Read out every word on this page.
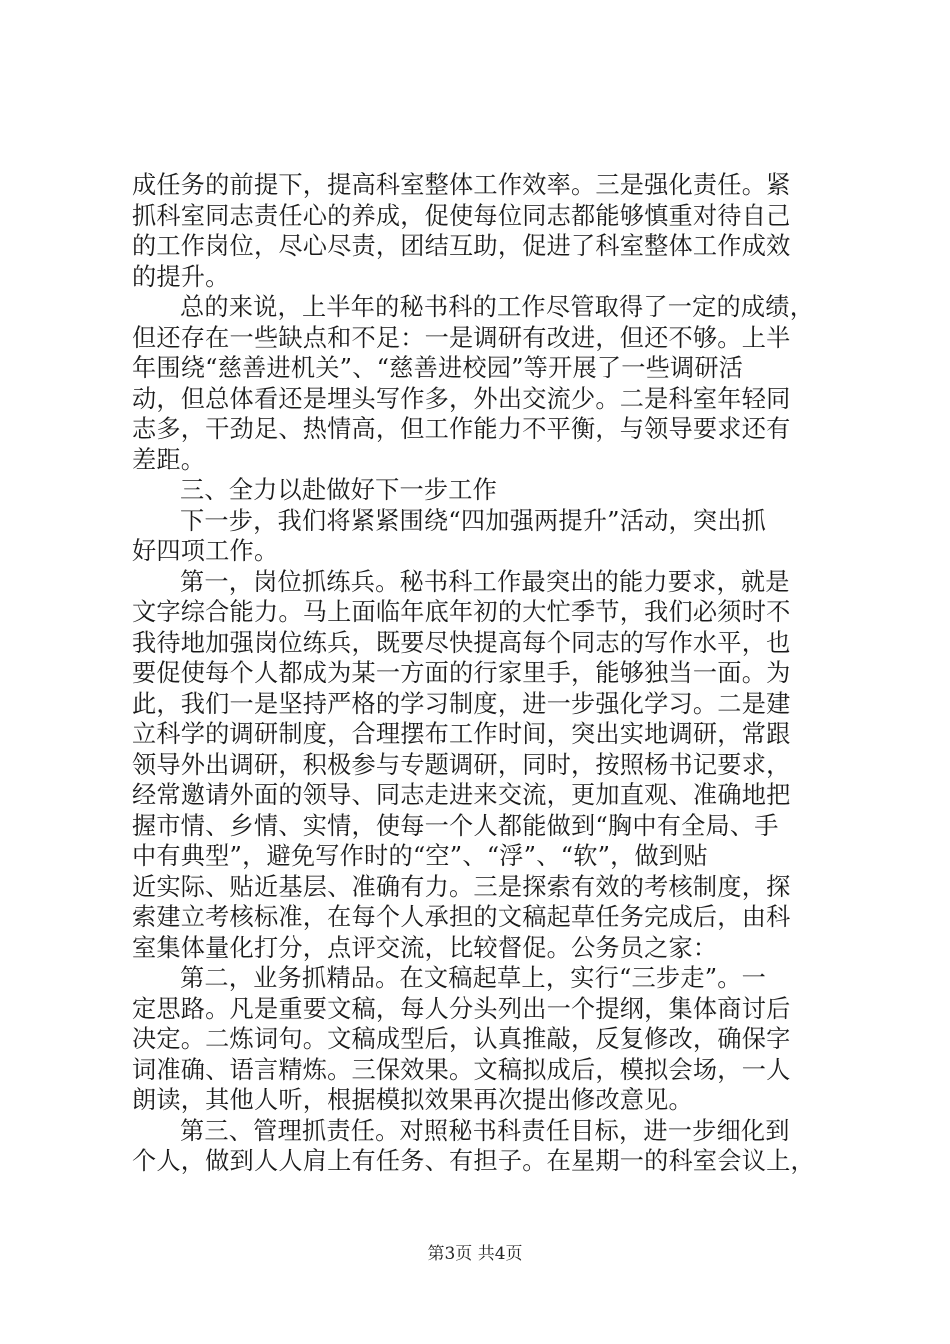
成任务的前提下，提高科室整体工作效率。三是强化责任。紧
抓科室同志责任心的养成，促使每位同志都能够慎重对待自己
的工作岗位，尽心尽责，团结互助，促进了科室整体工作成效
的提升。
总的来说，上半年的秘书科的工作尽管取得了一定的成绩，
但还存在一些缺点和不足：一是调研有改进，但还不够。上半
年围绕“慈善进机关”、“慈善进校园”等开展了一些调研活
动，但总体看还是埋头写作多，外出交流少。二是科室年轻同
志多，干劲足、热情高，但工作能力不平衡，与领导要求还有
差距。
三、全力以赴做好下一步工作
下一步，我们将紧紧围绕“四加强两提升”活动，突出抓
好四项工作。
第一，岗位抓练兵。秘书科工作最突出的能力要求，就是
文字综合能力。马上面临年底年初的大忙季节，我们必须时不
我待地加强岗位练兵，既要尽快提高每个同志的写作水平，也
要促使每个人都成为某一方面的行家里手，能够独当一面。为
此，我们一是坚持严格的学习制度，进一步强化学习。二是建
立科学的调研制度，合理摆布工作时间，突出实地调研，常跟
领导外出调研，积极参与专题调研，同时，按照杨书记要求，
经常邀请外面的领导、同志走进来交流，更加直观、准确地把
握市情、乡情、实情，使每一个人都能做到“胸中有全局、手
中有典型”，避免写作时的“空”、“浮”、“软”，做到贴
近实际、贴近基层、准确有力。三是探索有效的考核制度，探
索建立考核标准，在每个人承担的文稿起草任务完成后，由科
室集体量化打分，点评交流，比较督促。公务员之家：
第二，业务抓精品。在文稿起草上，实行“三步走”。一
定思路。凡是重要文稿，每人分头列出一个提纲，集体商讨后
决定。二炼词句。文稿成型后，认真推敲，反复修改，确保字
词准确、语言精炼。三保效果。文稿拟成后，模拟会场，一人
朗读，其他人听，根据模拟效果再次提出修改意见。
第三、管理抓责任。对照秘书科责任目标，进一步细化到
个人，做到人人肩上有任务、有担子。在星期一的科室会议上，
第3页 共4页
